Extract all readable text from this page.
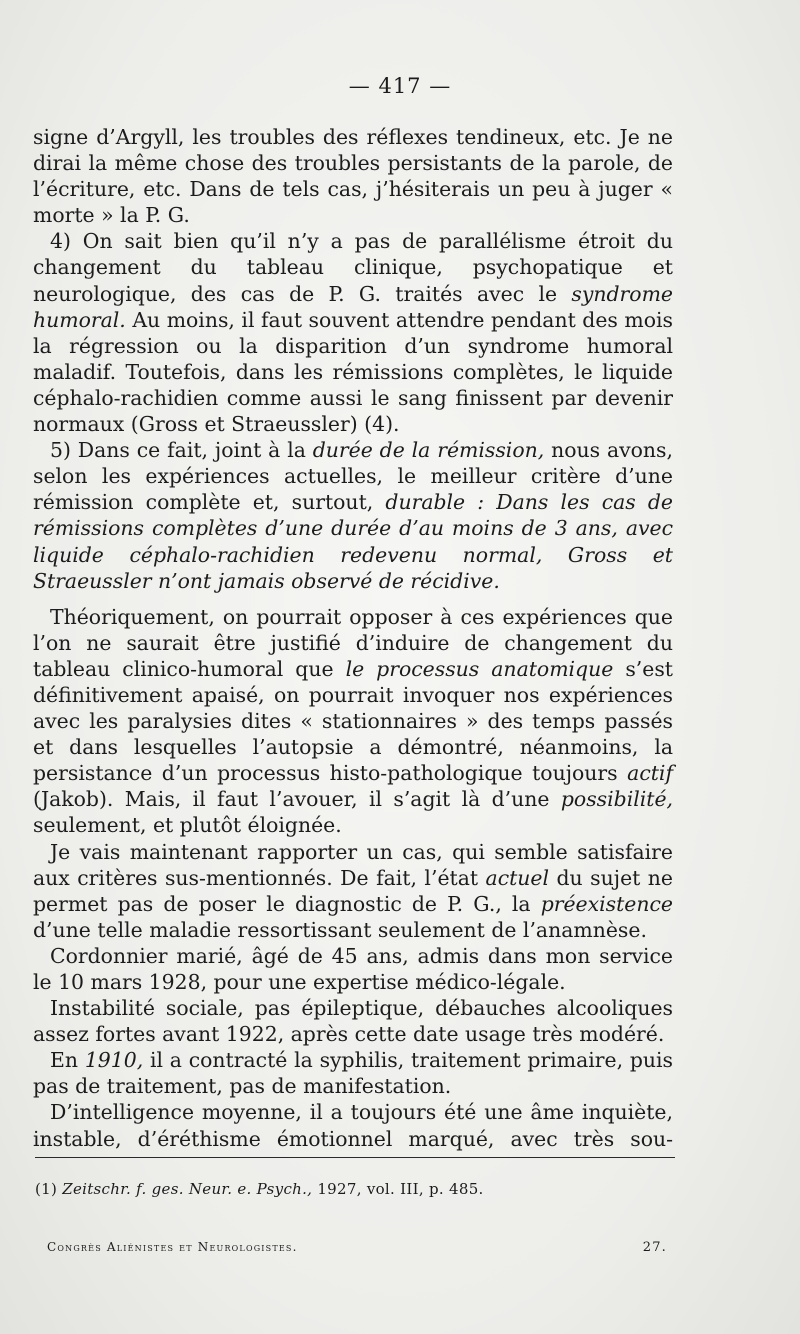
— 417 —

signe d’Argyll, les troubles des réflexes tendineux, etc. Je ne dirai la même chose des troubles persistants de la parole, de l’écriture, etc. Dans de tels cas, j’hésiterais un peu à juger « morte » la P. G.

4) On sait bien qu’il n’y a pas de parallélisme étroit du changement du tableau clinique, psychopatique et neurologique, des cas de P. G. traités avec le syndrome humoral. Au moins, il faut souvent attendre pendant des mois la régression ou la disparition d’un syndrome humoral maladif. Toutefois, dans les rémissions complètes, le liquide céphalo-rachidien comme aussi le sang finissent par devenir normaux (Gross et Straeussler) (4).

5) Dans ce fait, joint à la durée de la rémission, nous avons, selon les expériences actuelles, le meilleur critère d’une rémission complète et, surtout, durable : Dans les cas de rémissions complètes d’une durée d’au moins de 3 ans, avec liquide céphalo-rachidien redevenu normal, Gross et Straeussler n’ont jamais observé de récidive.

Théoriquement, on pourrait opposer à ces expériences que l’on ne saurait être justifié d’induire de changement du tableau clinico-humoral que le processus anatomique s’est définitivement apaisé, on pourrait invoquer nos expériences avec les paralysies dites « stationnaires » des temps passés et dans lesquelles l’autopsie a démontré, néanmoins, la persistance d’un processus histo-pathologique toujours actif (Jakob). Mais, il faut l’avouer, il s’agit là d’une possibilité, seulement, et plutôt éloignée.

Je vais maintenant rapporter un cas, qui semble satisfaire aux critères sus-mentionnés. De fait, l’état actuel du sujet ne permet pas de poser le diagnostic de P. G., la préexistence d’une telle maladie ressortissant seulement de l’anamnèse.

Cordonnier marié, âgé de 45 ans, admis dans mon service le 10 mars 1928, pour une expertise médico-légale.

Instabilité sociale, pas épileptique, débauches alcooliques assez fortes avant 1922, après cette date usage très modéré.

En 1910, il a contracté la syphilis, traitement primaire, puis pas de traitement, pas de manifestation.

D’intelligence moyenne, il a toujours été une âme inquiète, instable, d’éréthisme émotionnel marqué, avec très sou-

(1) Zeitschr. f. ges. Neur. e. Psych., 1927, vol. III, p. 485.
Congrès Aliénistes et Neurologistes.	27.
